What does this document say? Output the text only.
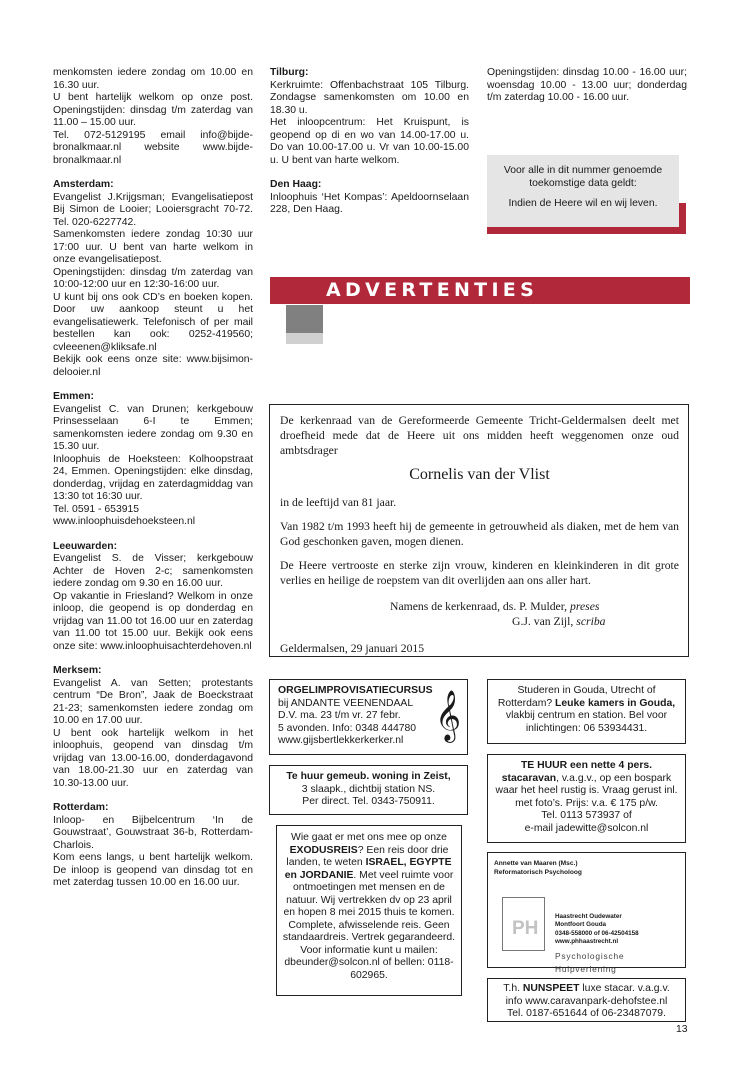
menkomsten iedere zondag om 10.00 en 16.30 uur.

U bent hartelijk welkom op onze post. Openingstijden: dinsdag t/m zaterdag van 11.00 – 15.00 uur.

Tel. 072-5129195 email info@bijde-bronalkmaar.nl website www.bijde-bronalkmaar.nl

Amsterdam:

Evangelist J.Krijgsman; Evangelisatiepost Bij Simon de Looier; Looiersgracht 70-72. Tel. 020-6227742.

Samenkomsten iedere zondag 10:30 uur 17:00 uur. U bent van harte welkom in onze evangelisatiepost.

Openingstijden: dinsdag t/m zaterdag van 10:00-12:00 uur en 12:30-16:00 uur.

U kunt bij ons ook CD’s en boeken kopen. Door uw aankoop steunt u het evangelisatiewerk. Telefonisch of per mail bestellen kan ook: 0252-419560; cvleeenen@kliksafe.nl

Bekijk ook eens onze site: www.bijsimon-delooier.nl

Emmen:

Evangelist C. van Drunen; kerkgebouw Prinsesselaan 6-I te Emmen; samenkomsten iedere zondag om 9.30 en 15.30 uur.

Inloophuis de Hoeksteen: Kolhoopstraat 24, Emmen. Openingstijden: elke dinsdag, donderdag, vrijdag en zaterdagmiddag van 13:30 tot 16:30 uur.

Tel. 0591 - 653915

www.inloophuisdehoeksteen.nl

Leeuwarden:

Evangelist S. de Visser; kerkgebouw Achter de Hoven 2-c; samenkomsten iedere zondag om 9.30 en 16.00 uur.

Op vakantie in Friesland? Welkom in onze inloop, die geopend is op donderdag en vrijdag van 11.00 tot 16.00 uur en zaterdag van 11.00 tot 15.00 uur. Bekijk ook eens onze site: www.inloophuisachterdehoven.nl

Merksem:

Evangelist A. van Setten; protestants centrum “De Bron”, Jaak de Boeckstraat 21-23; samenkomsten iedere zondag om 10.00 en 17.00 uur.

U bent ook hartelijk welkom in het inloophuis, geopend van dinsdag t/m vrijdag van 13.00-16.00, donderdagavond van 18.00-21.30 uur en zaterdag van 10.30-13.00 uur.

Rotterdam:

Inloop- en Bijbelcentrum ‘In de Gouwstraat’, Gouwstraat 36-b, Rotterdam-Charlois.

Kom eens langs, u bent hartelijk welkom. De inloop is geopend van dinsdag tot en met zaterdag tussen 10.00 en 16.00 uur.

Tilburg:

Kerkruimte: Offenbachstraat 105 Tilburg. Zondagse samenkomsten om 10.00 en 18.30 u.

Het inloopcentrum: Het Kruispunt, is geopend op di en wo van 14.00-17.00 u. Do van 10.00-17.00 u. Vr van 10.00-15.00 u. U bent van harte welkom.

Den Haag:

Inloophuis ‘Het Kompas’: Apeldoornselaan 228, Den Haag.

Openingstijden: dinsdag 10.00 - 16.00 uur; woensdag 10.00 - 13.00 uur; donderdag t/m zaterdag 10.00 - 16.00 uur.

Voor alle in dit nummer genoemde toekomstige data geldt:

Indien de Heere wil en wij leven.

ADVERTENTIES

De kerkenraad van de Gereformeerde Gemeente Tricht-Geldermalsen deelt met droefheid mede dat de Heere uit ons midden heeft weggenomen onze oud ambtsdrager

Cornelis van der Vlist

in de leeftijd van 81 jaar.

Van 1982 t/m 1993 heeft hij de gemeente in getrouwheid als diaken, met de hem van God geschonken gaven, mogen dienen.

De Heere vertrooste en sterke zijn vrouw, kinderen en kleinkinderen in dit grote verlies en heilige de roepstem van dit overlijden aan ons aller hart.

Namens de kerkenraad, ds. P. Mulder, preses

G.J. van Zijl, scriba

Geldermalsen, 29 januari 2015

ORGELIMPROVISATIECURSUS

bij ANDANTE VEENENDAAL

D.V. ma. 23 t/m vr. 27 febr.

5 avonden. Info: 0348 444780

www.gijsbertlekkerkerker.nl 𝄞

Te huur gemeub. woning in Zeist,

3 slaapk., dichtbij station NS.

Per direct. Tel. 0343-750911.

Wie gaat er met ons mee op onze EXODUSREIS? Een reis door drie landen, te weten ISRAEL, EGYPTE en JORDANIE. Met veel ruimte voor ontmoetingen met mensen en de natuur. Wij vertrekken dv op 23 april en hopen 8 mei 2015 thuis te komen. Complete, afwisselende reis. Geen standaardreis. Vertrek gegarandeerd. Voor informatie kunt u mailen: dbeunder@solcon.nl of bellen: 0118-602965.

Studeren in Gouda, Utrecht of Rotterdam? Leuke kamers in Gouda, vlakbij centrum en station. Bel voor inlichtingen: 06 53934431.

TE HUUR een nette 4 pers. stacaravan, v.a.g.v., op een bospark waar het heel rustig is. Vraag gerust inl. met foto’s. Prijs: v.a. € 175 p/w.

Tel. 0113 573937 of

e-mail jadewitte@solcon.nl

Annette van Maaren (Msc.)

Reformatorisch Psycholoog

PH

Haastrecht Oudewater

Montfoort Gouda

0348-558000 of 06-42504158

www.phhaastrecht.nl

Psychologische Hulpverlening

T.h. NUNSPEET luxe stacar. v.a.g.v.

info www.caravanpark-dehofstee.nl

Tel. 0187-651644 of 06-23487079.

13
